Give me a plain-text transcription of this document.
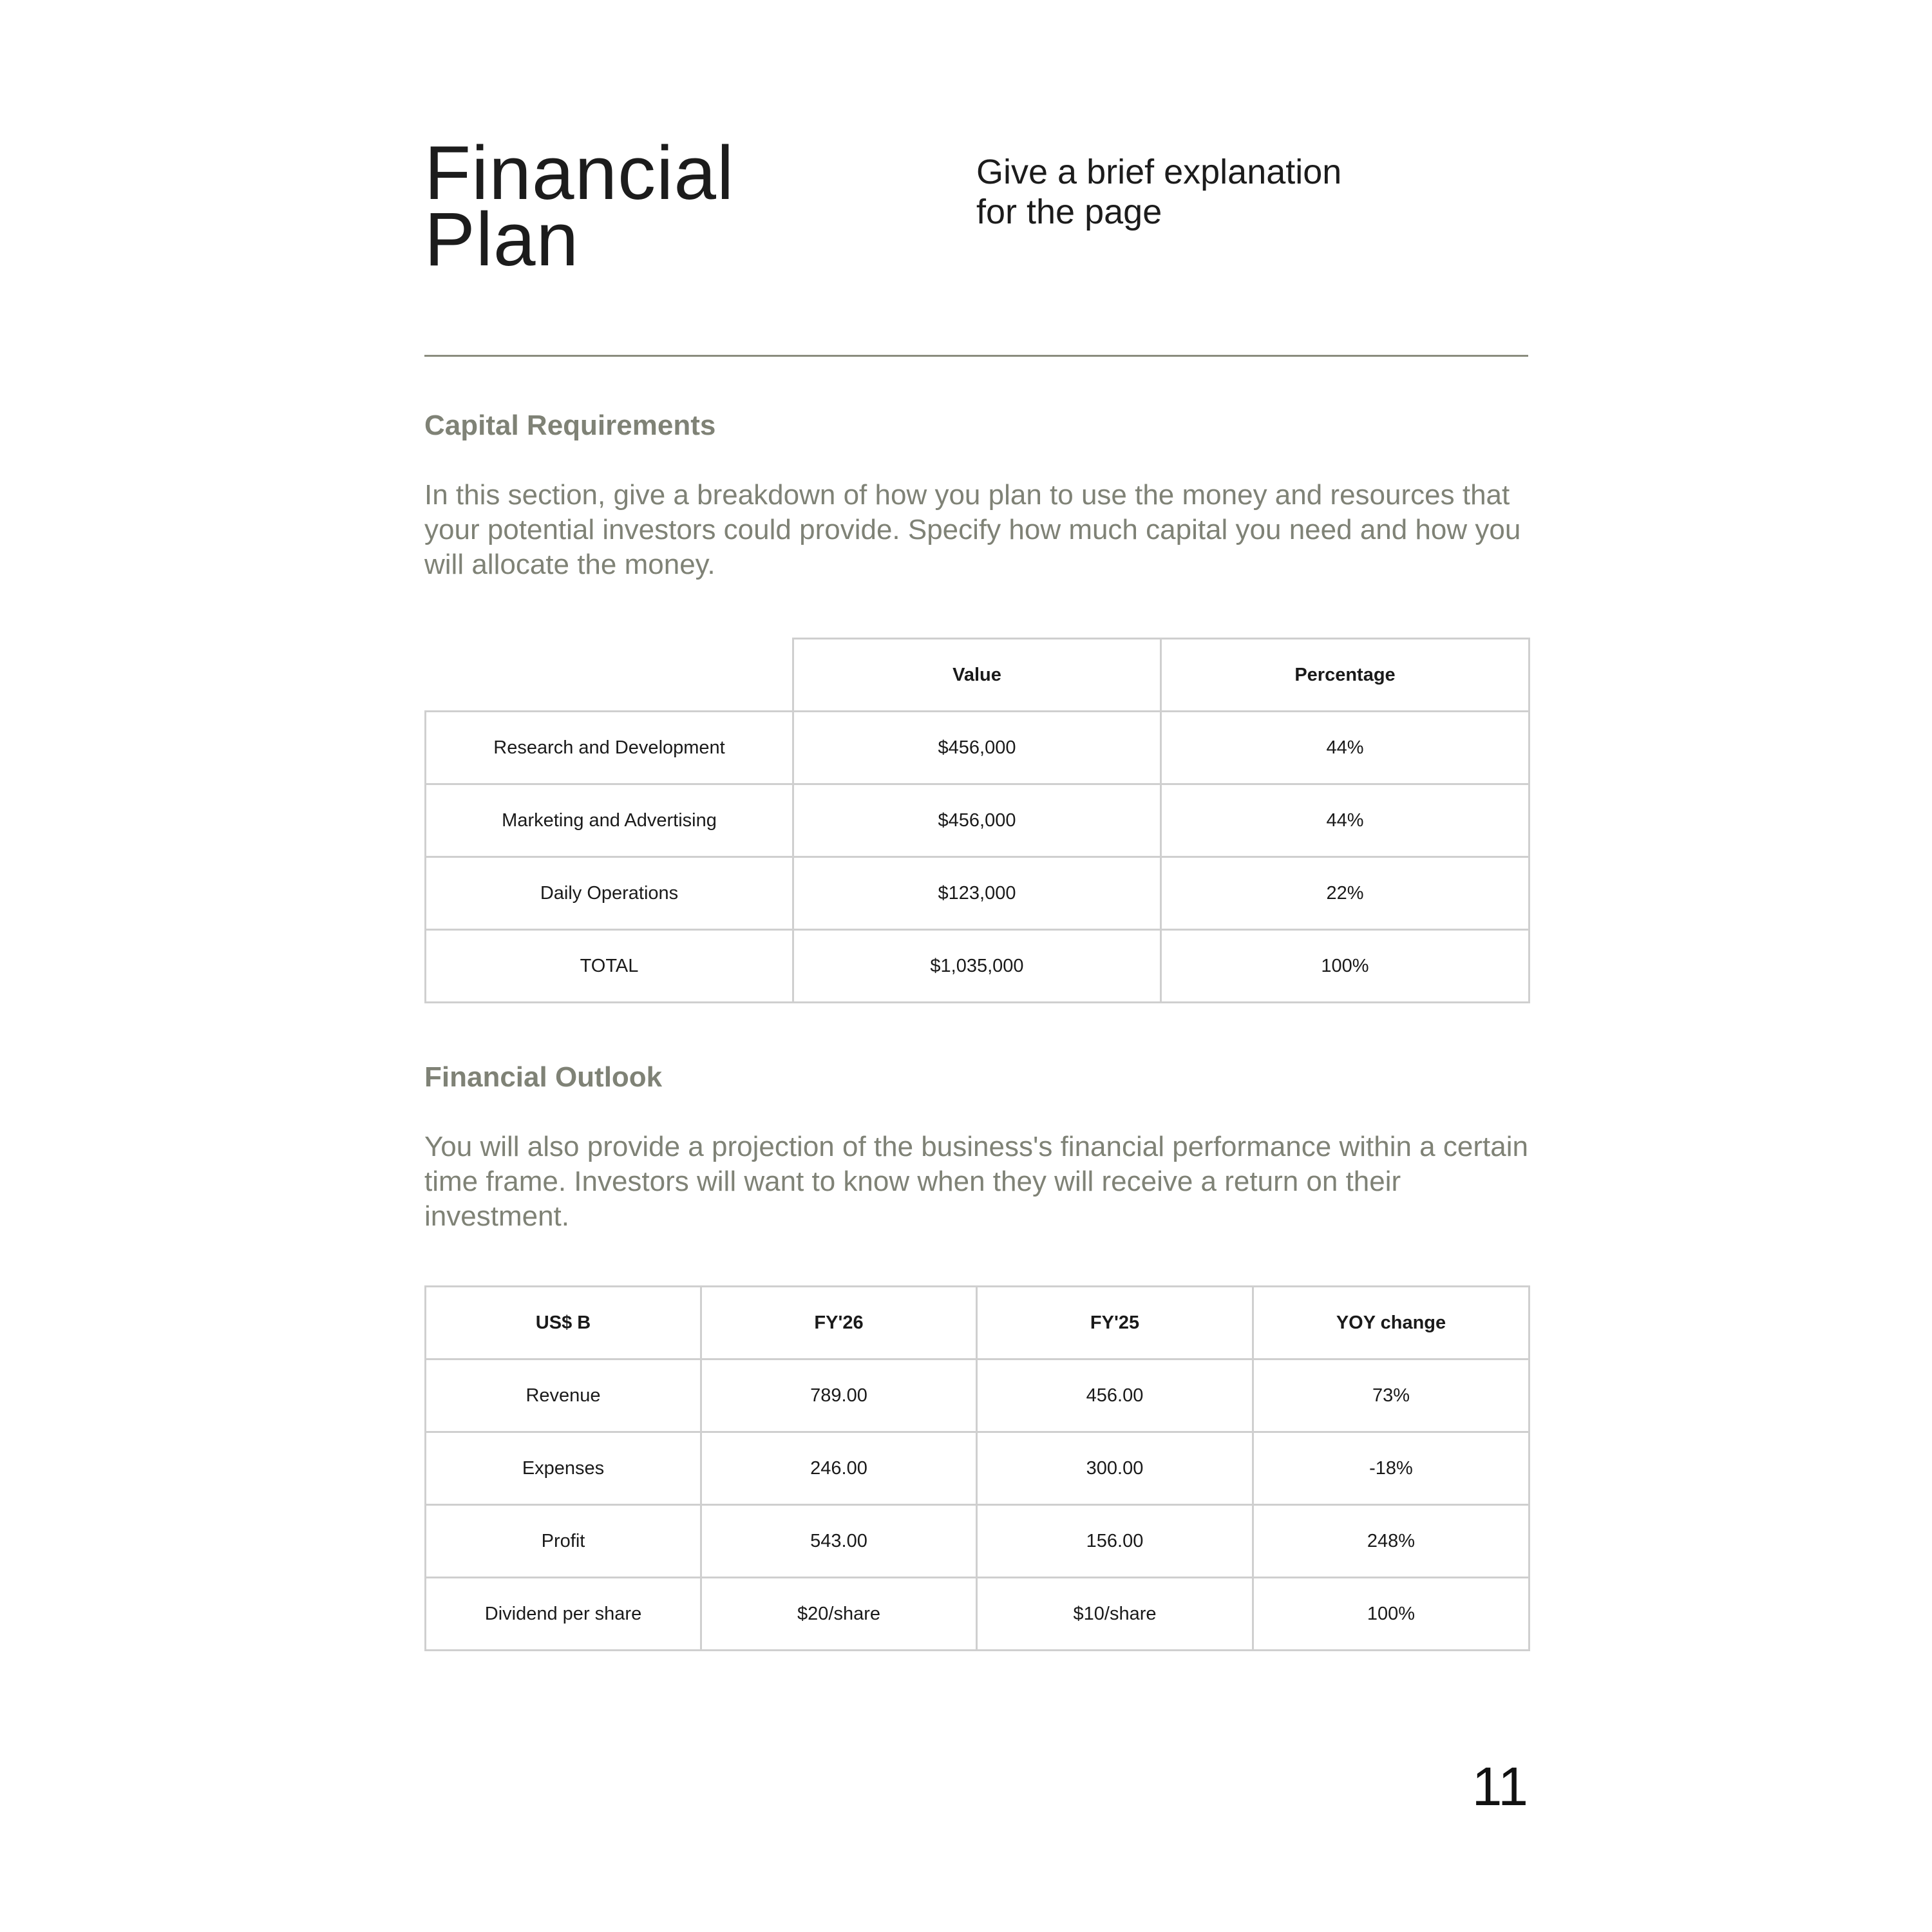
Financial
Plan

Give a brief explanation
for the page

Capital Requirements

In this section, give a breakdown of how you plan to use the money and resources that your potential investors could provide. Specify how much capital you need and how you will allocate the money.

	Value	Percentage
Research and Development	$456,000	44%
Marketing and Advertising	$456,000	44%
Daily Operations	$123,000	22%
TOTAL	$1,035,000	100%
Financial Outlook

You will also provide a projection of the business's financial performance within a certain time frame. Investors will want to know when they will receive a return on their investment.

US$ B	FY'26	FY'25	YOY change
Revenue	789.00	456.00	73%
Expenses	246.00	300.00	-18%
Profit	543.00	156.00	248%
Dividend per share	$20/share	$10/share	100%

11
